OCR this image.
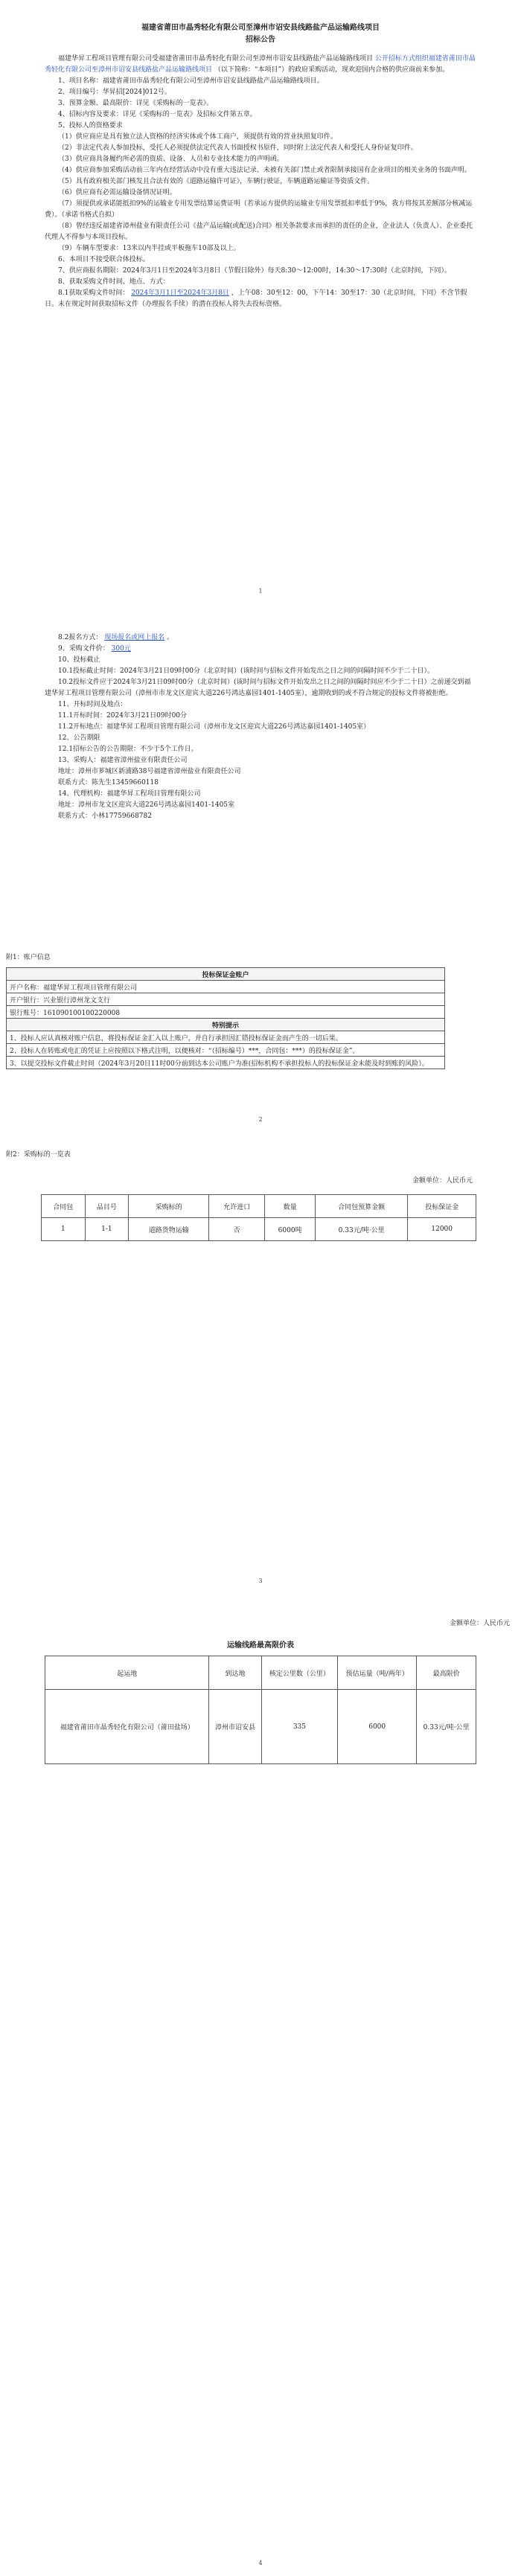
福建省莆田市晶秀轻化有限公司至漳州市诏安县线路盐产品运输路线项目
招标公告

福建华昇工程项目管理有限公司受福建省莆田市晶秀轻化有限公司至漳州市诏安县线路盐产品运输路线项目 公开招标方式组织福建省莆田市晶秀轻化有限公司至漳州市诏安县线路盐产品运输路线项目 （以下简称：“本项目”）的政府采购活动，现欢迎国内合格的供应商前来参加。

1、项目名称：福建省莆田市晶秀轻化有限公司至漳州市诏安县线路盐产品运输路线项目。

2、项目编号：华昇招[2024]012号。

3、预算金额、最高限价：详见《采购标的一览表》。

4、招标内容及要求：详见《采购标的一览表》及招标文件第五章。

5、投标人的资格要求

（1）供应商应是具有独立法人资格的经济实体或个体工商户，须提供有效的营业执照复印件。

（2）非法定代表人参加投标，受托人必须提供法定代表人书面授权书原件，同时附上法定代表人和受托人身份证复印件。

（3）供应商具备履约所必需的资质、设备、人员和专业技术能力的声明函。

（4）供应商参加采购活动前三年内在经营活动中没有重大违法记录、未被有关部门禁止或者限制承接国有企业项目的相关业务的书面声明。

（5）具有政府相关部门核发且合法有效的《道路运输许可证》，车辆行驶证，车辆道路运输证等资质文件。

（6）供应商有必需运输设备情况证明。

（7）须提供或承诺能抵扣9%的运输业专用发票结算运费证明（若承运方提供的运输业专用发票抵扣率低于9%，我方将按其差额部分核减运费）。（承诺书格式自拟）

（8）曾经违反福建省漳州盐业有限责任公司《盐产品运输(或配送)合同》相关条款要求而承担的责任的企业，企业法人（负责人）、企业委托代理人不得参与本项目投标。

（9）车辆车型要求：13米以内半挂或平板拖车10部及以上。

6、本项目不接受联合体投标。

7、供应商报名期限：2024年3月1日至2024年3月8日（节假日除外）每天8:30～12:00时，14:30～17:30时（北京时间，下同）。

8、获取采购文件时间、地点、方式：

8.1获取采购文件时间： 2024年3月1日至2024年3月8日 ，上午08：30至12：00，下午14：30至17：30（北京时间，下同）不含节假日。未在规定时间获取招标文件（办理报名手续）的潜在投标人将失去投标资格。

1

8.2报名方式： 现场报名或网上报名 。

9、采购文件价： 300元

10、投标截止

10.1投标截止时间：2024年3月21日09时00分（北京时间）(该时间与招标文件开始发出之日之间的间隔时间不少于二十日）。

10.2投标文件应于2024年3月21日09时00分（北京时间）(该时间与招标文件开始发出之日之间的间隔时间应不少于二十日）之前递交到福建华昇工程项目管理有限公司（漳州市市龙文区迎宾大道226号鸿达嘉园1401-1405室），逾期收到的或不符合规定的投标文件将被拒绝。

11、开标时间及地点：

11.1开标时间：2024年3月21日09时00分

11.2开标地点：福建华昇工程项目管理有限公司（漳州市龙文区迎宾大道226号鸿达嘉园1401-1405室）

12、公告期限

12.1招标公告的公告期限：不少于5个工作日。

13、采购人：福建省漳州盐业有限责任公司

地址：漳州市芗城区新浦路38号福建省漳州盐业有限责任公司

联系方式：陈先生13459660118

14、代理机构：福建华昇工程项目管理有限公司

地址：漳州市龙文区迎宾大道226号鸿达嘉园1401-1405室

联系方式：小林17759668782

附1：账户信息
投标保证金账户
开户名称：福建华昇工程项目管理有限公司
开户银行：兴业银行漳州龙文支行
银行账号：161090100100220008
特别提示
1、投标人应认真核对账户信息，将投标保证金汇入以上账户，并自行承担因汇错投标保证金而产生的一切后果。
2、投标人在转账或电汇的凭证上应按照以下格式注明，以便核对：“（招标编号）***，合同包：***）的投标保证金”。
3、以提交投标文件截止时间（2024年3月20日11时00分前到达本公司账户为准(招标机构不承担投标人的投标保证金未能及时到账的风险）。
2
附2：采购标的一览表
金额单位：人民币元
合同包	品目号	采购标的	允许进口	数量	合同包预算金额	投标保证金
1	1-1	道路货物运输	否	6000吨	0.33元/吨·公里	12000
3
金额单位：人民币元
运输线路最高限价表
起运地	到达地	核定公里数（公里）	预估运量（吨/两年）	最高限价
福建省莆田市晶秀轻化有限公司（莆田盐场）	漳州市诏安县	335	6000	0.33元/吨·公里
4
